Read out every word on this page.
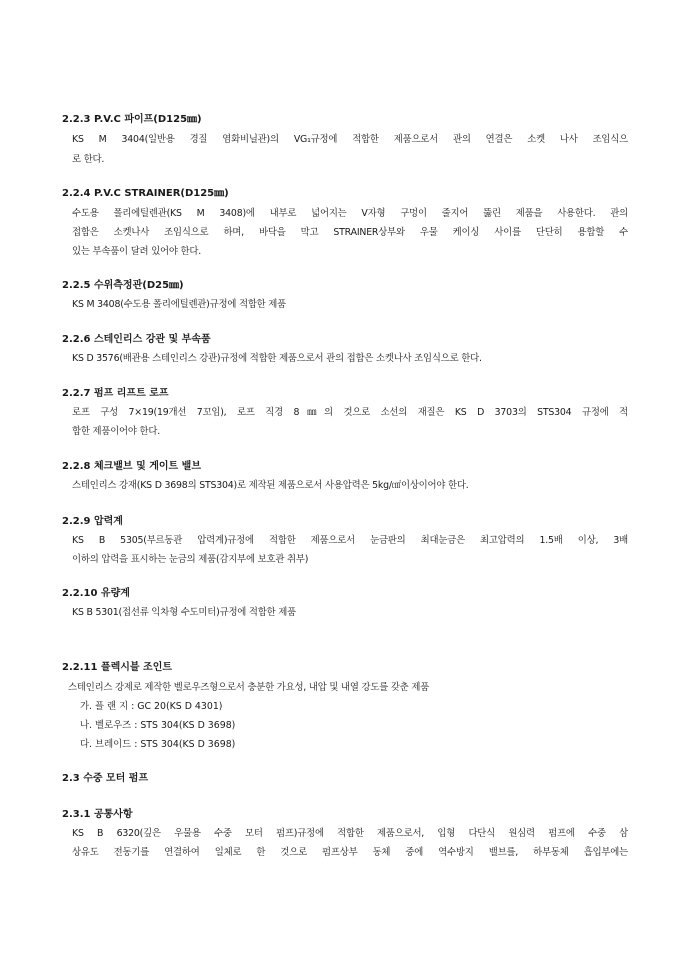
2.2.3 P.V.C 파이프(D125㎜)
KS M 3404(일반용 경질 염화비닐관)의 VG₁규정에 적합한 제품으로서 관의 연결은 소켓 나사 조임식으
로 한다.
2.2.4 P.V.C STRAINER(D125㎜)
수도용 폴리에틸렌관(KS M 3408)에 내부로 넓어지는 V자형 구멍이 줄지어 뚫린 제품을 사용한다. 관의
접합은 소켓나사 조임식으로 하며, 바닥을 막고 STRAINER상부와 우물 케이싱 사이를 단단히 용합할 수
있는 부속품이 달려 있어야 한다.
2.2.5 수위측정관(D25㎜)
KS M 3408(수도용 폴리에틸렌관)규정에 적합한 제품
2.2.6 스테인리스 강관 및 부속품
KS D 3576(배관용 스테인리스 강관)규정에 적합한 제품으로서 관의 접합은 소켓나사 조임식으로 한다.
2.2.7 펌프 리프트 로프
로프 구성 7×19(19개선 7꼬임), 로프 직경 8㎜의 것으로 소선의 재질은 KS D 3703의 STS304 규정에 적
합한 제품이어야 한다.
2.2.8 체크밸브 및 게이트 밸브
스테인리스 강재(KS D 3698의 STS304)로 제작된 제품으로서 사용압력은 5kg/㎠이상이어야 한다.
2.2.9 압력계
KS B 5305(부르동관 압력계)규정에 적합한 제품으로서 눈금판의 최대눈금은 최고압력의 1.5배 이상, 3배
이하의 압력을 표시하는 눈금의 제품(감지부에 보호관 취부)
2.2.10 유량계
KS B 5301(접선류 익차형 수도미터)규정에 적합한 제품
2.2.11 플렉시블 조인트
스테인리스 강제로 제작한 벨로우즈형으로서 충분한 가요성, 내압 및 내열 강도를 갖춘 제품
가. 플 랜 지 : GC 20(KS D 4301)
나. 벨로우즈 : STS 304(KS D 3698)
다. 브레이드 : STS 304(KS D 3698)
2.3 수중 모터 펌프
2.3.1 공통사항
KS B 6320(깊은 우물용 수중 모터 펌프)규정에 적합한 제품으로서, 입형 다단식 원심력 펌프에 수중 삼
상유도 전동기를 연결하여 일체로 한 것으로 펌프상부 동체 중에 역수방지 밸브를, 하부동체 흡입부에는
